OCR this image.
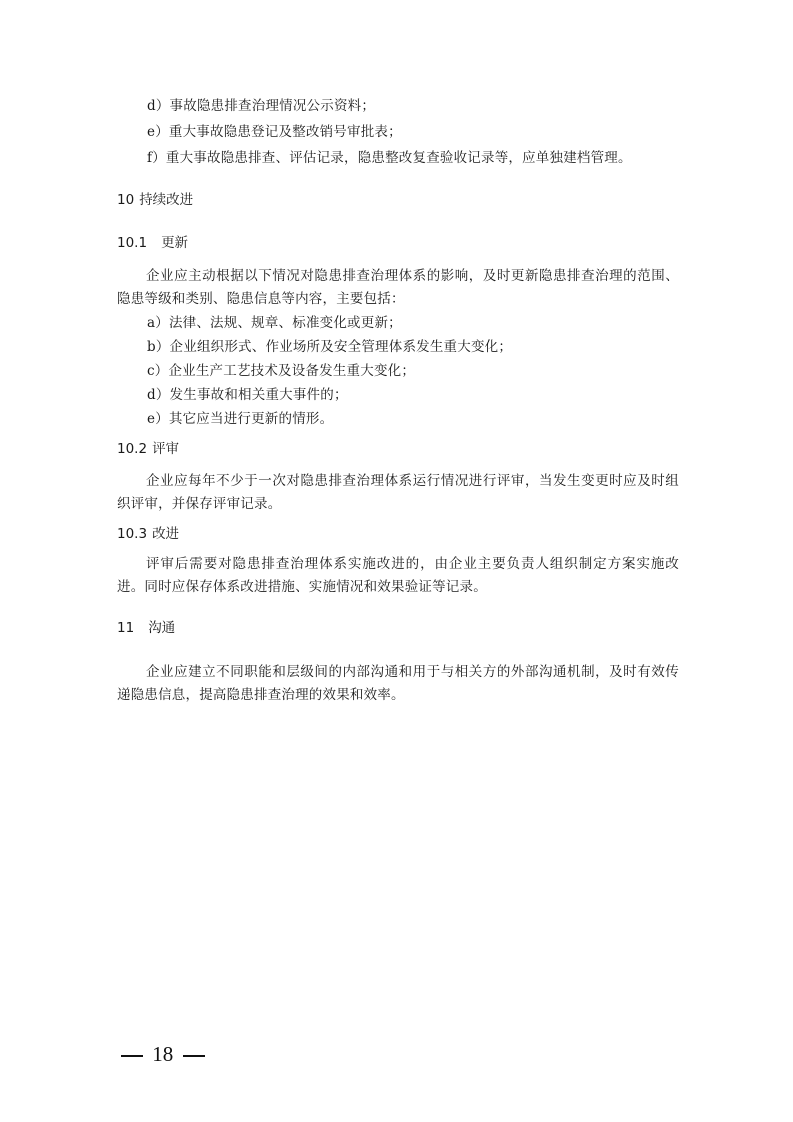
d）事故隐患排查治理情况公示资料；
e）重大事故隐患登记及整改销号审批表；
f）重大事故隐患排查、评估记录，隐患整改复查验收记录等，应单独建档管理。
10 持续改进
10.1 更新
企业应主动根据以下情况对隐患排查治理体系的影响，及时更新隐患排查治理的范围、隐患等级和类别、隐患信息等内容，主要包括：
a）法律、法规、规章、标准变化或更新；
b）企业组织形式、作业场所及安全管理体系发生重大变化；
c）企业生产工艺技术及设备发生重大变化；
d）发生事故和相关重大事件的；
e）其它应当进行更新的情形。
10.2 评审
企业应每年不少于一次对隐患排查治理体系运行情况进行评审，当发生变更时应及时组织评审，并保存评审记录。
10.3 改进
评审后需要对隐患排查治理体系实施改进的，由企业主要负责人组织制定方案实施改进。同时应保存体系改进措施、实施情况和效果验证等记录。
11 沟通
企业应建立不同职能和层级间的内部沟通和用于与相关方的外部沟通机制，及时有效传递隐患信息，提高隐患排查治理的效果和效率。
18
